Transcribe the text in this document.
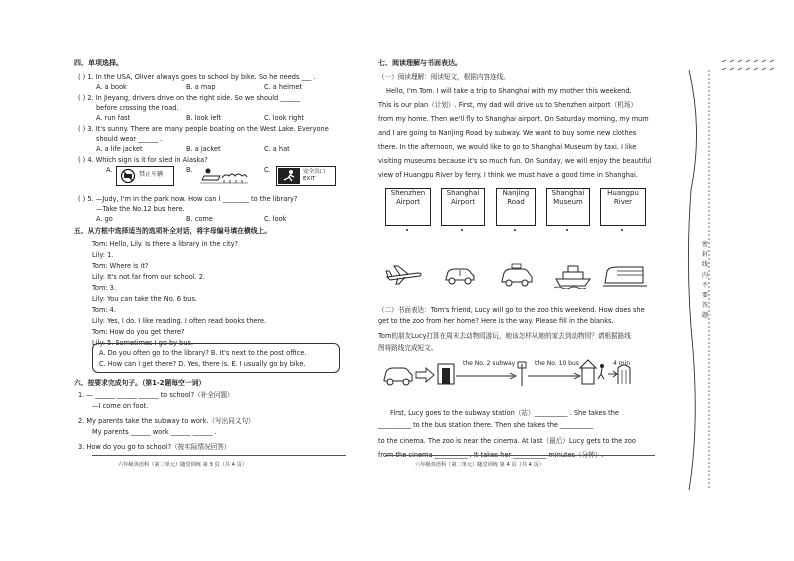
四、单项选择。
( ) 1. In the USA, Oliver always goes to school by bike. So he needs ___ .
A. a book	B. a map	C. a helmet
( ) 2. In Jieyang, drivers drive on the right side. So we should ______
before crossing the road.
A. run fast	B. look left	C. look right
( ) 3. It's sunny. There are many people boating on the West Lake. Everyone
should wear ______ .
A. a life jacket	B. a jacket	C. a hat
( ) 4. Which sign is it for sled in Alaska?
A.	B.	C.
禁止车辆	安全出口 EXIT
( ) 5. —Judy, I'm in the park now. How can I ________ to the library?
—Take the No.12 bus here.
A. go	B. come	C. look
五、从方框中选择适当的选项补全对话，将字母编号填在横线上。
Tom: Hello, Lily. Is there a library in the city?
Lily: 1.
Tom: Where is it?
Lily: It's not far from our school. 2.
Tom: 3.
Lily: You can take the No. 6 bus.
Tom: 4.
Lily: Yes, I do. I like reading. I often read books there.
Tom: How do you get there?
Lily: 5. Sometimes I go by bus.
A. Do you often go to the library? B. It's next to the post office.
C. How can I get there? D. Yes, there is. E. I usually go by bike.
六、按要求完成句子。（第1-2题每空一词）
1. — ______ ______ ______ to school?（补全问题）
—I come on foot.
2. My parents take the subway to work.（写出同义句）
My parents ______ work ______ ______ .
3. How do you go to school?（按实际情况回答）
六年级英语科（第二单元）随堂训练 第 3 页（共 4 页）
七、阅读理解与书面表达。
（一）阅读理解：阅读短文，根据内容连线。
Hello, I'm Tom. I will take a trip to Shanghai with my mother this weekend.
This is our plan（计划）. First, my dad will drive us to Shenzhen airport（机场）
from my home. Then we'll fly to Shanghai airport. On Saturday morning, my mum
and I are going to Nanjing Road by subway. We want to buy some new clothes
there. In the afternoon, we would like to go to Shanghai Museum by taxi. I like
visiting museums because it's so much fun. On Sunday, we will enjoy the beautiful
view of Huangpu River by ferry. I think we must have a good time in Shanghai.
Shenzhen
Airport
Shanghai
Airport
Nanjing
Road
Shanghai
Museum
Huangpu
River
（二）书面表达：Tom's friend, Lucy will go to the zoo this weekend. How does she
get to the zoo from her home? Here is the way. Please fill in the blanks.
Tom的朋友Lucy打算在周末去动物园游玩，她该怎样从她的家去到动物园？请根据路线
图将路线完成短文。
the No. 2 subway	the No. 10 bus	4 min
First, Lucy goes to the subway station（站）__________ . She takes the
__________ to the bus station there. Then she takes the __________
to the cinema. The zoo is near the cinema. At last（最后）Lucy gets to the zoo
from the cinema __________ . It takes her __________ minutes（分钟）.
六年级英语科（第二单元）随堂训练 第 4 页（共 4 页）
密
封
线
内
不
要
答
题
